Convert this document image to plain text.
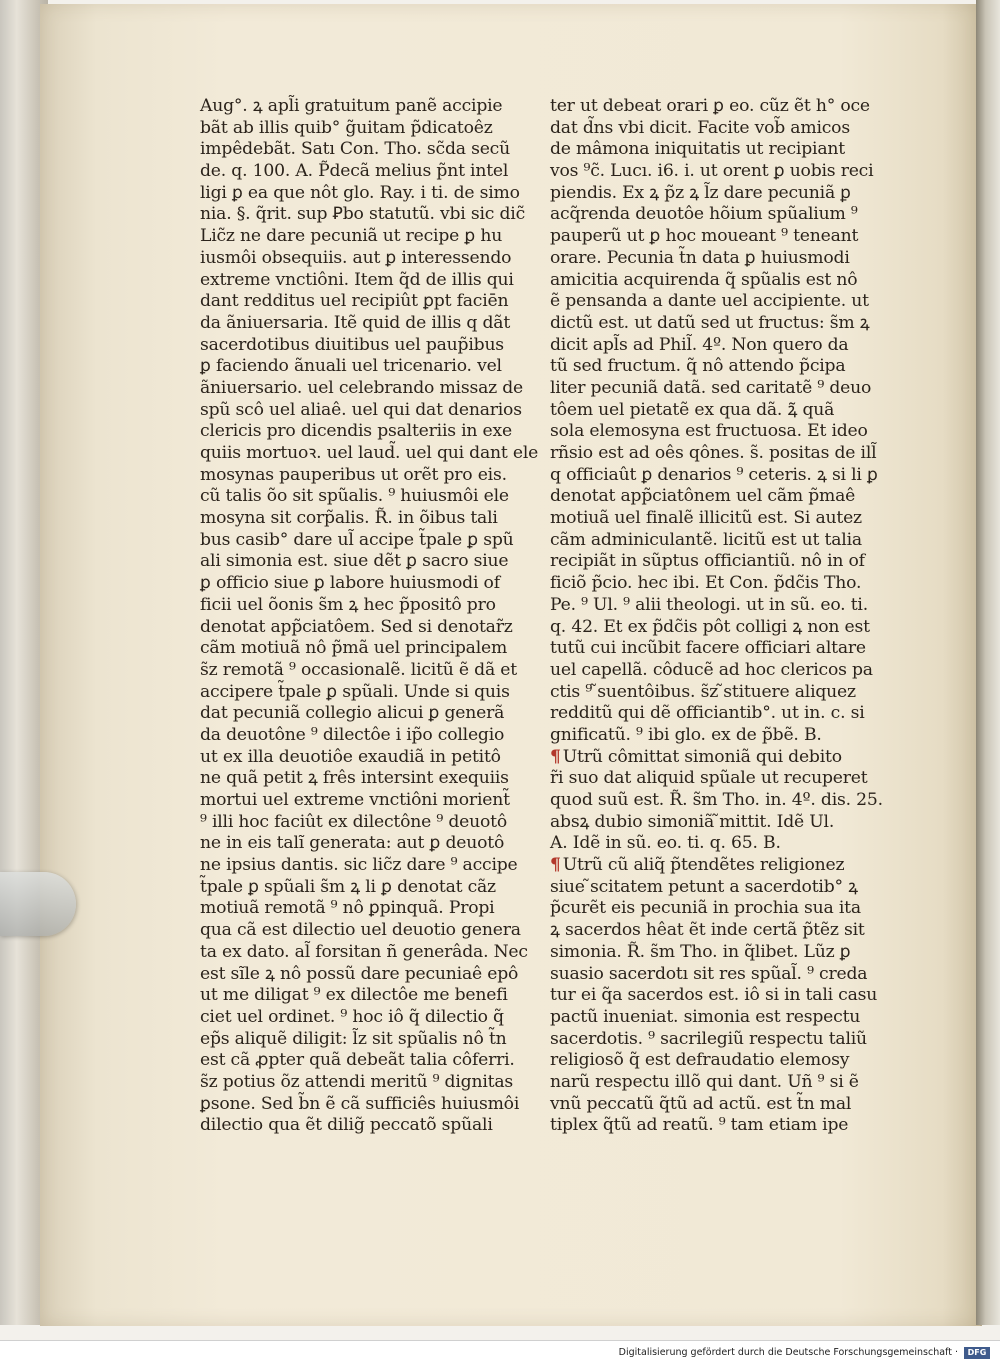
Aug°. ꝝ apl̃i gratuitum panẽ accipie
bãt ab illis quib° g̃uitam p̃dicatoêz
impêdebãt. Satı Con. Tho. sc̃da secũ
de. q. 100. A. P̃decã melius p̃nt intel
ligi ꝑ ea que nôt glo. Ray. i ti. de simo
nia. §. q̃rit. sup Ꝑbo statutũ. vbi sic dic̃
Lic̃z ne dare pecuniã ut recipe ꝑ hu
iusmôi obsequiis. aut ꝑ interessendo
extreme vnctiôni. Item q̃d de illis qui
dant redditus uel recipiût ꝑpt faciēn
da ãniuersaria. Itẽ quid de illis q dãt
sacerdotibus diuitibus uel paup̃ibus
ꝑ faciendo ãnuali uel tricenario. vel
ãniuersario. uel celebrando missaz de
spũ scô uel aliaê. uel qui dat denarios
clericis pro dicendis psalteriis in exe
quiis mortuoꝛ. uel laud̃. uel qui dant ele
mosynas pauperibus ut orẽt pro eis.
cũ talis õo sit spũalis. ⁹ huiusmôi ele
mosyna sit corp̃alis. R̃. in õibus tali
bus casib° dare ul̃ accipe t̃pale ꝑ spũ
ali simonia est. siue dẽt ꝑ sacro siue
ꝑ officio siue ꝑ labore huiusmodi of
ficii uel õonis s̃m ꝝ hec p̃positô pro
denotat app̃ciatôem. Sed si denotar̃z
cãm motiuã nô p̃mã uel principalem
s̃z remotã ⁹ occasionalẽ. licitũ ẽ dã et
accipere t̃pale ꝑ spũali. Unde si quis
dat pecuniã collegio alicui ꝑ generã
da deuotône ⁹ dilectôe i ip̃o collegio
ut ex illa deuotiôe exaudiã in petitô
ne quã petit ꝝ frês intersint exequiis
mortui uel extreme vnctiôni morient̃
⁹ illi hoc faciût ex dilectône ⁹ deuotô
ne in eis talĩ generata: aut ꝑ deuotô
ne ipsius dantis. sic lic̃z dare ⁹ accipe
t̃pale ꝑ spũali s̃m ꝝ li ꝑ denotat cãz
motiuã remotã ⁹ nô ꝑpinquã. Propi
qua cã est dilectio uel deuotio genera
ta ex dato. al̃ forsitan ñ generâda. Nec
est sĩle ꝝ nô possũ dare pecuniaê epô
ut me diligat ⁹ ex dilectôe me benefi
ciet uel ordinet. ⁹ hoc iô q̃ dilectio q̃
ep̃s aliquẽ diligit: l̃z sit spũalis nô t̃n
est cã ꝓpter quã debeãt talia côferri.
s̃z potius õz attendi meritũ ⁹ dignitas
ꝑsone. Sed b̃n ẽ cã sufficiês huiusmôi
dilectio qua ẽt dilig̃ peccatõ spũali
ter ut debeat orari ꝑ eo. cũz ẽt h° oce
dat d̃ns vbi dicit. Facite vob̃ amicos
de mâmona iniquitatis ut recipiant
vos ⁹c̃. Lucı. i6. i. ut orent ꝑ uobis reci
piendis. Ex ꝝ p̃z ꝝ l̃z dare pecuniã ꝑ
acq̃renda deuotôe hõium spũalium ⁹
pauperũ ut ꝑ hoc moueant ⁹ teneant
orare. Pecunia t̃n data ꝑ huiusmodi
amicitia acquirenda q̃ spũalis est nô
ẽ pensanda a dante uel accipiente. ut
dictũ est. ut datũ sed ut fructus: s̃m ꝝ
dicit apl̃s ad Phil̃. 4º. Non quero da
tũ sed fructum. q̃ nô attendo p̃cipa
liter pecuniã datã. sed caritatẽ ⁹ deuo
tôem uel pietatẽ ex qua dã. ꝝ̃ quã
sola elemosyna est fructuosa. Et ideo
rñsio est ad oês qônes. s̃. positas de ill̃
q officiaût ꝑ denarios ⁹ ceteris. ꝝ si li ꝑ
denotat app̃ciatônem uel cãm p̃maê
motiuã uel finalẽ illicitũ est. Si autez
cãm adminiculantẽ. licitũ est ut talia
recipiãt in sũptus officiantiũ. nô in of
ficiõ p̃cio. hec ibi. Et Con. p̃dc̃is Tho.
Pe. ⁹ Ul. ⁹ alii theologi. ut in sũ. eo. ti.
q. 42. Et ex p̃dc̃is pôt colligi ꝝ non est
tutũ cui incũbit facere officiari altare
uel capellã. côducẽ ad hoc clericos pa
ctis ⁹ ̃suentôibus. s̃z ̃stituere aliquez
redditũ qui dẽ officiantib°. ut in. c. si
gnificatũ. ⁹ ibi glo. ex de p̃bẽ. B.
¶ Utrũ cômittat simoniã qui debito
r̃i suo dat aliquid spũale ut recuperet
quod suũ est. R̃. s̃m Tho. in. 4º. dis. 25.
absꝝ dubio simoniã ̃mittit. Idẽ Ul.
A. Idẽ in sũ. eo. ti. q. 65. B.
¶ Utrũ cũ aliq̃ p̃tendẽtes religionez
siue ̃scitatem petunt a sacerdotib° ꝝ
p̃curẽt eis pecuniã in prochia sua ita
ꝝ sacerdos hêat ẽt inde certã p̃tẽz sit
simonia. R̃. s̃m Tho. in q̃libet. Lũz ꝑ
suasio sacerdotı sit res spũal̃. ⁹ creda
tur ei q̃a sacerdos est. iô si in tali casu
pactũ inueniat. simonia est respectu
sacerdotis. ⁹ sacrilegiũ respectu taliũ
religiosõ q̃ est defraudatio elemosy
narũ respectu illõ qui dant. Uñ ⁹ si ẽ
vnũ peccatũ q̃tũ ad actũ. est t̃n mal
tiplex q̃tũ ad reatũ. ⁹ tam etiam ipe
Digitalisierung gefördert durch die Deutsche Forschungsgemeinschaft ·	DFG
